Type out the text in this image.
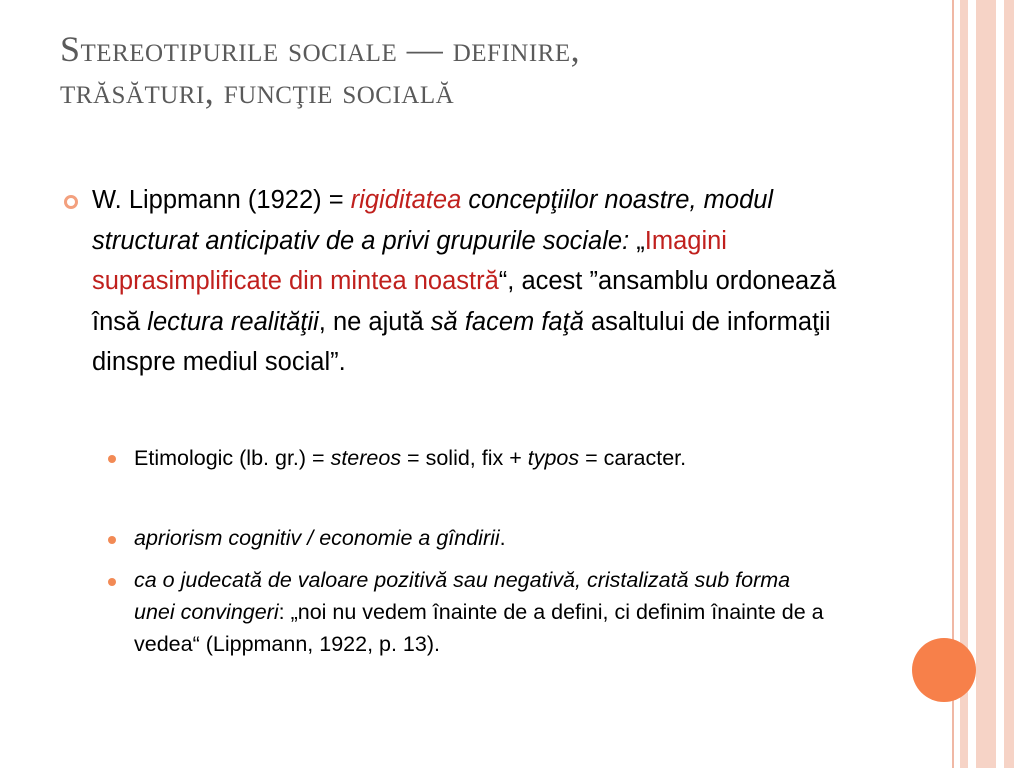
Stereotipurile sociale — definire,
trăsături, funcţie socială
W. Lippmann (1922) = rigiditatea concepţiilor noastre, modul structurat anticipativ de a privi grupurile sociale: „Imagini suprasimplificate din mintea noastră“, acest ”ansamblu ordonează însă lectura realităţii, ne ajută să facem faţă asaltului de informaţii dinspre mediul social”.
Etimologic (lb. gr.) = stereos = solid, fix + typos = caracter.
apriorism cognitiv / economie a gîndirii.
ca o judecată de valoare pozitivă sau negativă, cristalizată sub forma unei convingeri: „noi nu vedem înainte de a defini, ci definim înainte de a vedea“ (Lippmann, 1922, p. 13).
